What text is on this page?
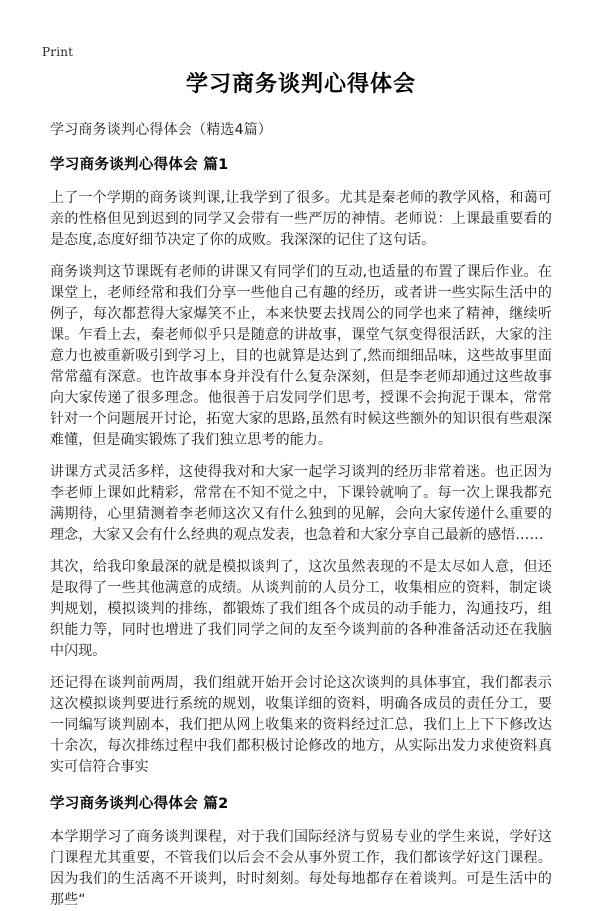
Print
学习商务谈判心得体会
学习商务谈判心得体会（精选4篇）
学习商务谈判心得体会 篇1

上了一个学期的商务谈判课,让我学到了很多。尤其是秦老师的教学风格，和蔼可亲的性格但见到迟到的同学又会带有一些严厉的神情。老师说：上课最重要看的是态度,态度好细节决定了你的成败。我深深的记住了这句话。

商务谈判这节课既有老师的讲课又有同学们的互动,也适量的布置了课后作业。在课堂上，老师经常和我们分享一些他自己有趣的经历，或者讲一些实际生活中的例子，每次都惹得大家爆笑不止，本来快要去找周公的同学也来了精神，继续听课。乍看上去，秦老师似乎只是随意的讲故事，课堂气氛变得很活跃，大家的注意力也被重新吸引到学习上，目的也就算是达到了,然而细细品味，这些故事里面常常蕴有深意。也许故事本身并没有什么复杂深刻，但是李老师却通过这些故事向大家传递了很多理念。他很善于启发同学们思考，授课不会拘泥于课本，常常针对一个问题展开讨论，拓宽大家的思路,虽然有时候这些额外的知识很有些艰深难懂，但是确实锻炼了我们独立思考的能力。

讲课方式灵活多样，这使得我对和大家一起学习谈判的经历非常着迷。也正因为李老师上课如此精彩，常常在不知不觉之中，下课铃就响了。每一次上课我都充满期待，心里猜测着李老师这次又有什么独到的见解，会向大家传递什么重要的理念，大家又会有什么经典的观点发表，也急着和大家分享自己最新的感悟……

其次，给我印象最深的就是模拟谈判了，这次虽然表现的不是太尽如人意，但还是取得了一些其他满意的成绩。从谈判前的人员分工，收集相应的资料，制定谈判规划，模拟谈判的排练，都锻炼了我们组各个成员的动手能力，沟通技巧，组织能力等，同时也增进了我们同学之间的友至今谈判前的各种准备活动还在我脑中闪现。

还记得在谈判前两周，我们组就开始开会讨论这次谈判的具体事宜，我们都表示这次模拟谈判要进行系统的规划，收集详细的资料，明确各成员的责任分工，要一同编写谈判剧本，我们把从网上收集来的资料经过汇总，我们上上下下修改达十余次，每次排练过程中我们都积极讨论修改的地方，从实际出发力求使资料真实可信符合事实

学习商务谈判心得体会 篇2

本学期学习了商务谈判课程，对于我们国际经济与贸易专业的学生来说，学好这门课程尤其重要，不管我们以后会不会从事外贸工作，我们都该学好这门课程。因为我们的生活离不开谈判，时时刻刻。每处每地都存在着谈判。可是生活中的那些“
